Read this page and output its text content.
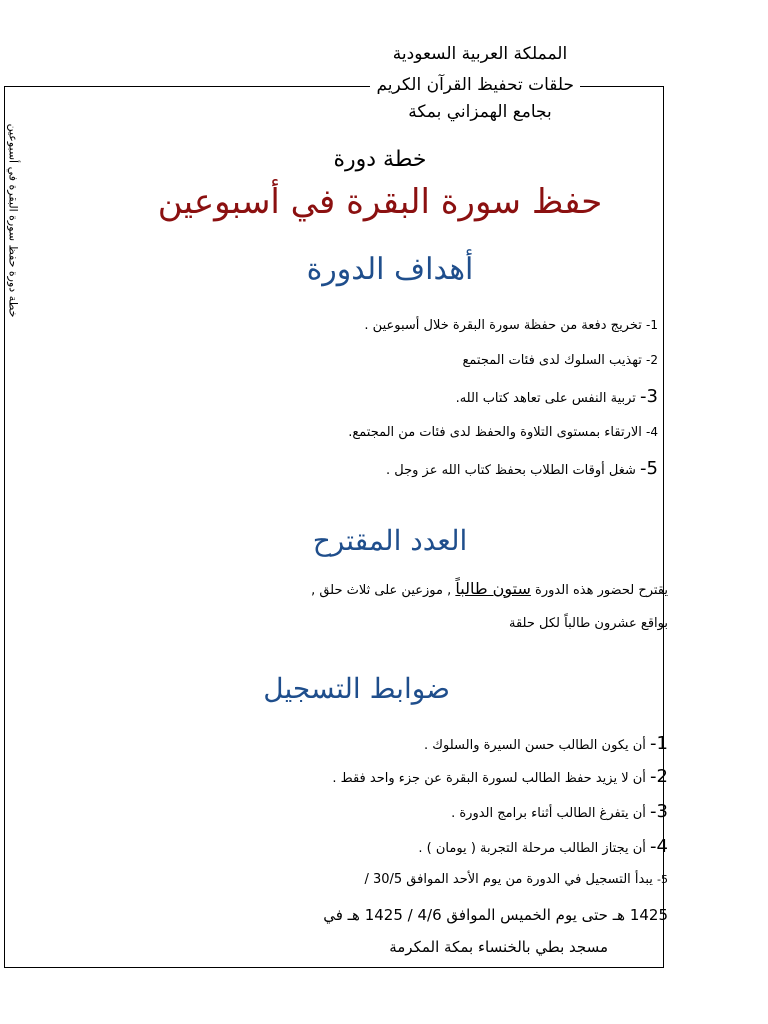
المملكة العربية السعودية
حلقات تحفيظ القرآن الكريم
بجامع الهمزاني بمكة
خطة دورة حفظ سورة البقرة في أسبوعين	خطة دورة
حفظ سورة البقرة في أسبوعين
أهداف الدورة
1- تخريج دفعة من حفظة سورة البقرة خلال أسبوعين .
2- تهذيب السلوك لدى فئات المجتمع
3- تربية النفس على تعاهد كتاب الله.
4- الارتقاء بمستوى التلاوة والحفظ لدى فئات من المجتمع.
5- شغل أوقات الطلاب بحفظ كتاب الله عز وجل .
العدد المقترح
يقترح لحضور هذه الدورة ستون طالباً , موزعين على ثلاث حلق ,
بواقع عشرون طالباً لكل حلقة
ضوابط التسجيل
1- أن يكون الطالب حسن السيرة والسلوك .
2- أن لا يزيد حفظ الطالب لسورة البقرة عن جزء واحد فقط .
3- أن يتفرغ الطالب أثناء برامج الدورة .
4- أن يجتاز الطالب مرحلة التجربة ( يومان ) .
5- يبدأ التسجيل في الدورة من يوم الأحد الموافق 30/5 /
1425 هـ حتى يوم الخميس الموافق 4/6 / 1425 هـ في
مسجد بطي بالخنساء بمكة المكرمة
